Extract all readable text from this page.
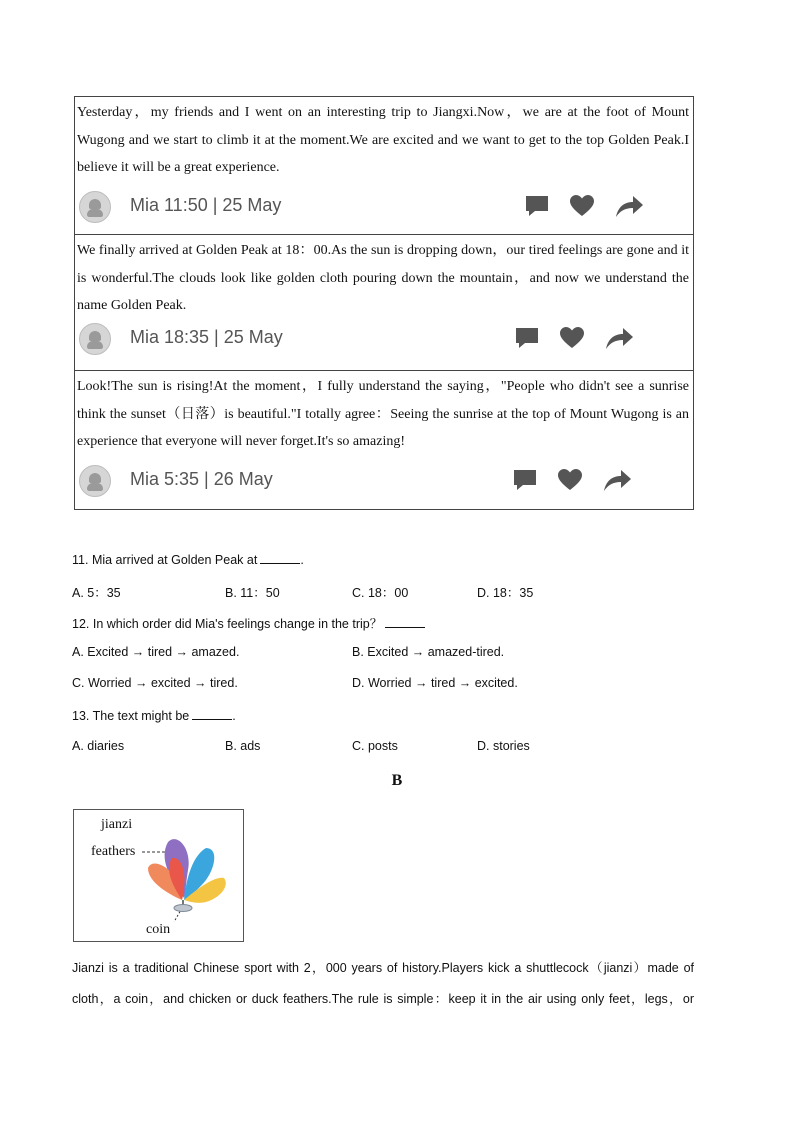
Yesterday，my friends and I went on an interesting trip to Jiangxi.Now，we are at the foot of Mount Wugong and we start to climb it at the moment.We are excited and we want to get to the top Golden Peak.I believe it will be a great experience.
Mia 11:50 | 25 May
We finally arrived at Golden Peak at 18：00.As the sun is dropping down，our tired feelings are gone and it is wonderful.The clouds look like golden cloth pouring down the mountain，and now we understand the name Golden Peak.
Mia 18:35 | 25 May
Look!The sun is rising!At the moment，I fully understand the saying，"People who didn't see a sunrise think the sunset（日落）is beautiful."I totally agree：Seeing the sunrise at the top of Mount Wugong is an experience that everyone will never forget.It's so amazing!
Mia 5:35 | 26 May
11. Mia arrived at Golden Peak at	.
A. 5：35	B. 11：50	C. 18：00	D. 18：35
12. In which order did Mia's feelings change in the trip？
A. Excited → tired → amazed.	B. Excited → amazed-tired.
C. Worried → excited → tired.	D. Worried → tired → excited.
13. The text might be	.
A. diaries	B. ads	C. posts	D. stories
B
jianzi
feathers
coin
Jianzi is a traditional Chinese sport with 2，000 years of history.Players kick a shuttlecock（jianzi）made of cloth，a coin，and chicken or duck feathers.The rule is simple：keep it in the air using only feet，legs，or
